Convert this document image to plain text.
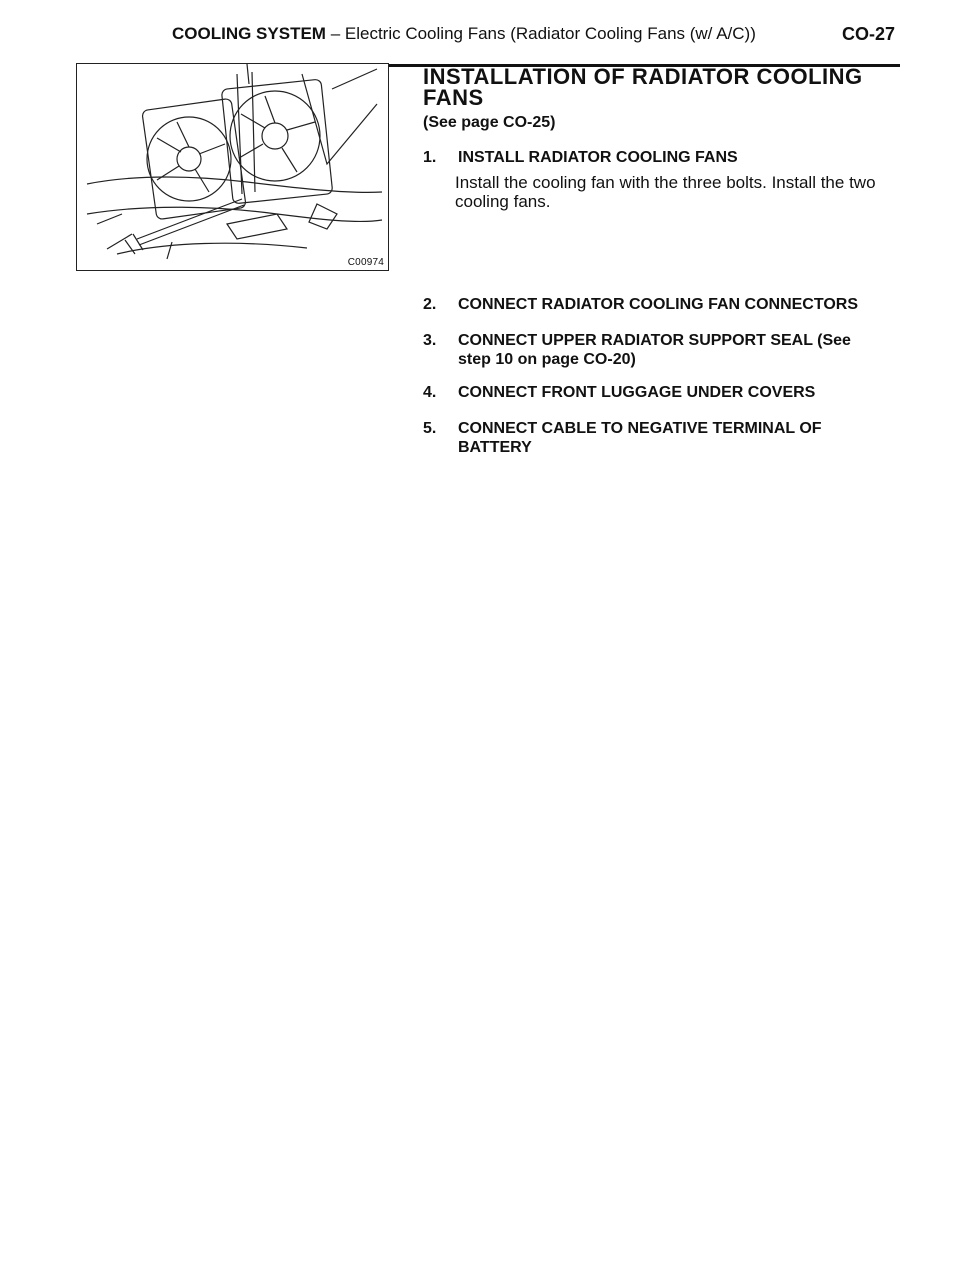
COOLING SYSTEM – Electric Cooling Fans (Radiator Cooling Fans (w/ A/C))	CO-27
C00974
INSTALLATION OF RADIATOR COOLING FANS
(See page CO-25)
1. INSTALL RADIATOR COOLING FANS
Install the cooling fan with the three bolts. Install the two cooling fans.
2. CONNECT RADIATOR COOLING FAN CONNECTORS
3. CONNECT UPPER RADIATOR SUPPORT SEAL (See step 10 on page CO-20)
4. CONNECT FRONT LUGGAGE UNDER COVERS
5. CONNECT CABLE TO NEGATIVE TERMINAL OF BATTERY
